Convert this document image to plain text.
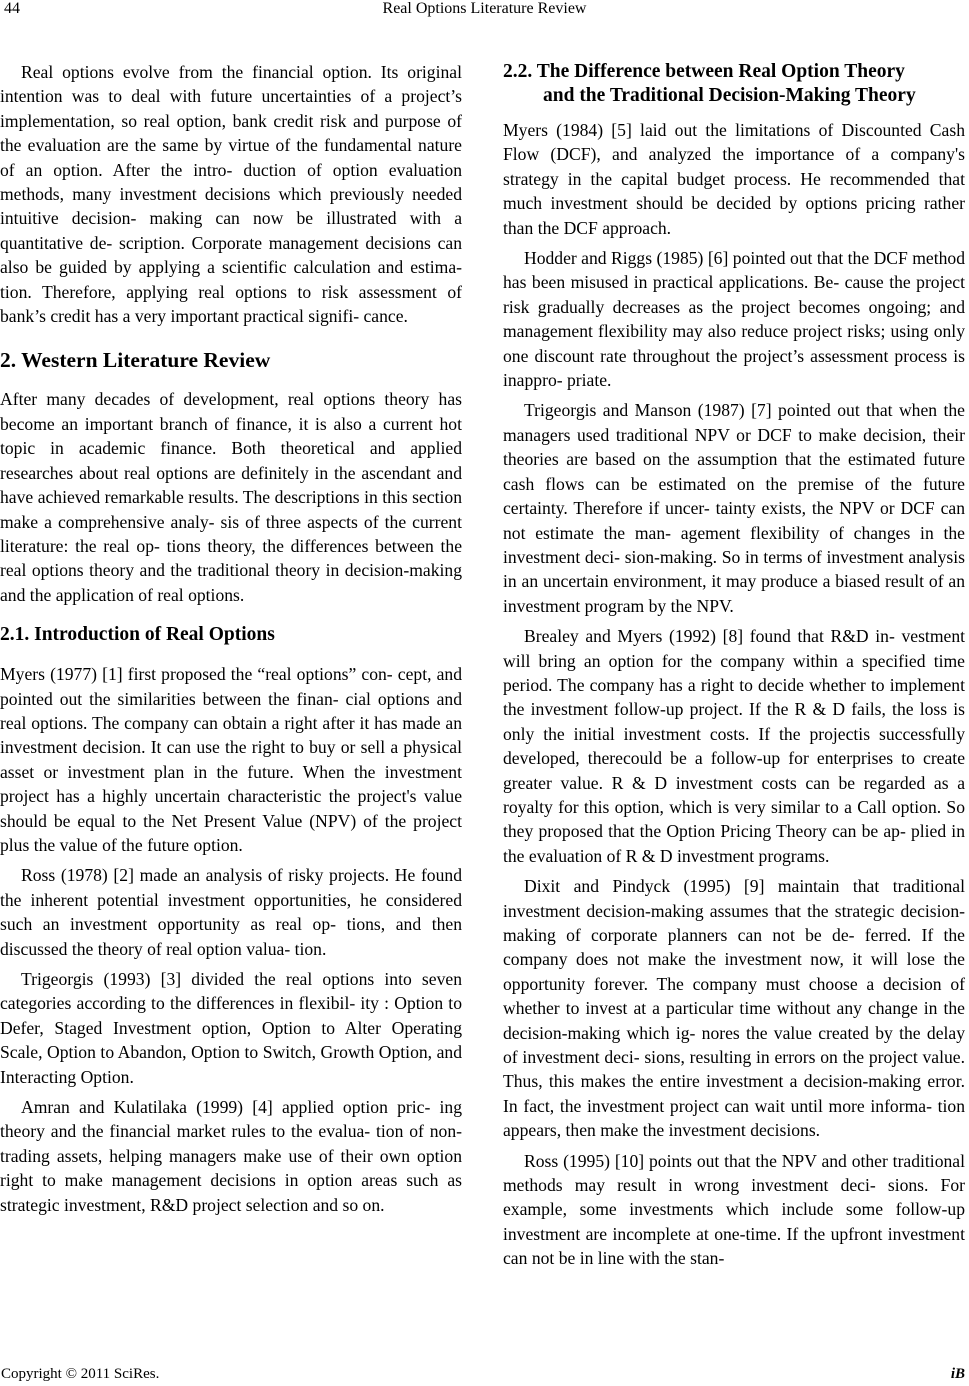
44	Real Options Literature Review

Real options evolve from the financial option. Its original intention was to deal with future uncertainties of a project’s implementation, so real option, bank credit risk and purpose of the evaluation are the same by virtue of the fundamental nature of an option. After the intro- duction of option evaluation methods, many investment decisions which previously needed intuitive decision- making can now be illustrated with a quantitative de- scription. Corporate management decisions can also be guided by applying a scientific calculation and estima- tion. Therefore, applying real options to risk assessment of bank’s credit has a very important practical signifi- cance.

2. Western Literature Review

After many decades of development, real options theory has become an important branch of finance, it is also a current hot topic in academic finance. Both theoretical and applied researches about real options are definitely in the ascendant and have achieved remarkable results. The descriptions in this section make a comprehensive analy- sis of three aspects of the current literature: the real op- tions theory, the differences between the real options theory and the traditional theory in decision-making and the application of real options.

2.1. Introduction of Real Options

Myers (1977) [1] first proposed the “real options” con- cept, and pointed out the similarities between the finan- cial options and real options. The company can obtain a right after it has made an investment decision. It can use the right to buy or sell a physical asset or investment plan in the future. When the investment project has a highly uncertain characteristic the project's value should be equal to the Net Present Value (NPV) of the project plus the value of the future option.

Ross (1978) [2] made an analysis of risky projects. He found the inherent potential investment opportunities, he considered such an investment opportunity as real op- tions, and then discussed the theory of real option valua- tion.

Trigeorgis (1993) [3] divided the real options into seven categories according to the differences in flexibil- ity : Option to Defer, Staged Investment option, Option to Alter Operating Scale, Option to Abandon, Option to Switch, Growth Option, and Interacting Option.

Amran and Kulatilaka (1999) [4] applied option pric- ing theory and the financial market rules to the evalua- tion of non-trading assets, helping managers make use of their own option right to make management decisions in option areas such as strategic investment, R&D project selection and so on.

2.2. The Difference between Real Option Theory
and the Traditional Decision-Making Theory

Myers (1984) [5] laid out the limitations of Discounted Cash Flow (DCF), and analyzed the importance of a company's strategy in the capital budget process. He recommended that much investment should be decided by options pricing rather than the DCF approach.

Hodder and Riggs (1985) [6] pointed out that the DCF method has been misused in practical applications. Be- cause the project risk gradually decreases as the project becomes ongoing; and management flexibility may also reduce project risks; using only one discount rate throughout the project’s assessment process is inappro- priate.

Trigeorgis and Manson (1987) [7] pointed out that when the managers used traditional NPV or DCF to make decision, their theories are based on the assumption that the estimated future cash flows can be estimated on the premise of the future certainty. Therefore if uncer- tainty exists, the NPV or DCF can not estimate the man- agement flexibility of changes in the investment deci- sion-making. So in terms of investment analysis in an uncertain environment, it may produce a biased result of an investment program by the NPV.

Brealey and Myers (1992) [8] found that R&D in- vestment will bring an option for the company within a specified time period. The company has a right to decide whether to implement the investment follow-up project. If the R & D fails, the loss is only the initial investment costs. If the projectis successfully developed, therecould be a follow-up for enterprises to create greater value. R & D investment costs can be regarded as a royalty for this option, which is very similar to a Call option. So they proposed that the Option Pricing Theory can be ap- plied in the evaluation of R & D investment programs.

Dixit and Pindyck (1995) [9] maintain that traditional investment decision-making assumes that the strategic decision-making of corporate planners can not be de- ferred. If the company does not make the investment now, it will lose the opportunity forever. The company must choose a decision of whether to invest at a particular time without any change in the decision-making which ig- nores the value created by the delay of investment deci- sions, resulting in errors on the project value. Thus, this makes the entire investment a decision-making error. In fact, the investment project can wait until more informa- tion appears, then make the investment decisions.

Ross (1995) [10] points out that the NPV and other traditional methods may result in wrong investment deci- sions. For example, some investments which include some follow-up investment are incomplete at one-time. If the upfront investment can not be in line with the stan-

Copyright © 2011 SciRes.	iB
